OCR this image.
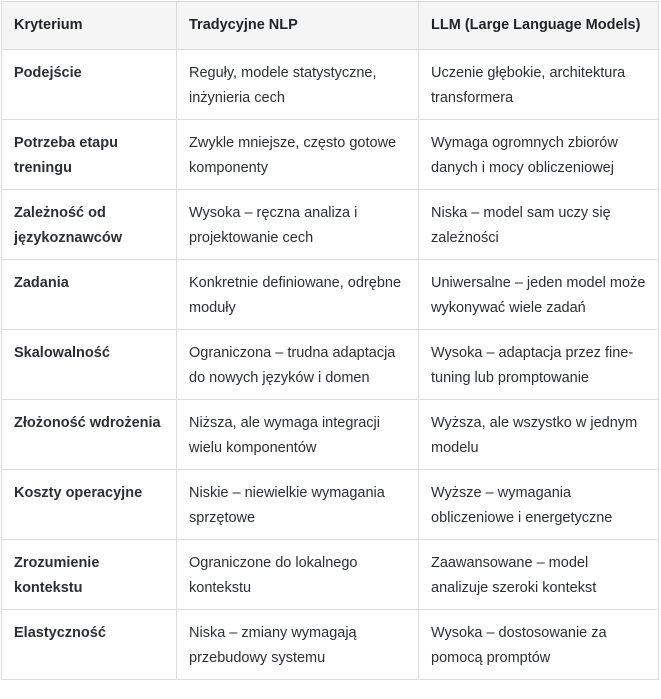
Kryterium	Tradycyjne NLP	LLM (Large Language Models)
Podejście	Reguły, modele statystyczne, inżynieria cech	Uczenie głębokie, architektura transformera
Potrzeba etapu treningu	Zwykle mniejsze, często gotowe komponenty	Wymaga ogromnych zbiorów danych i mocy obliczeniowej
Zależność od językoznawców	Wysoka – ręczna analiza i projektowanie cech	Niska – model sam uczy się zależności
Zadania	Konkretnie definiowane, odrębne moduły	Uniwersalne – jeden model może wykonywać wiele zadań
Skalowalność	Ograniczona – trudna adaptacja do nowych języków i domen	Wysoka – adaptacja przez fine-tuning lub promptowanie
Złożoność wdrożenia	Niższa, ale wymaga integracji wielu komponentów	Wyższa, ale wszystko w jednym modelu
Koszty operacyjne	Niskie – niewielkie wymagania sprzętowe	Wyższe – wymagania obliczeniowe i energetyczne
Zrozumienie kontekstu	Ograniczone do lokalnego kontekstu	Zaawansowane – model analizuje szeroki kontekst
Elastyczność	Niska – zmiany wymagają przebudowy systemu	Wysoka – dostosowanie za pomocą promptów
